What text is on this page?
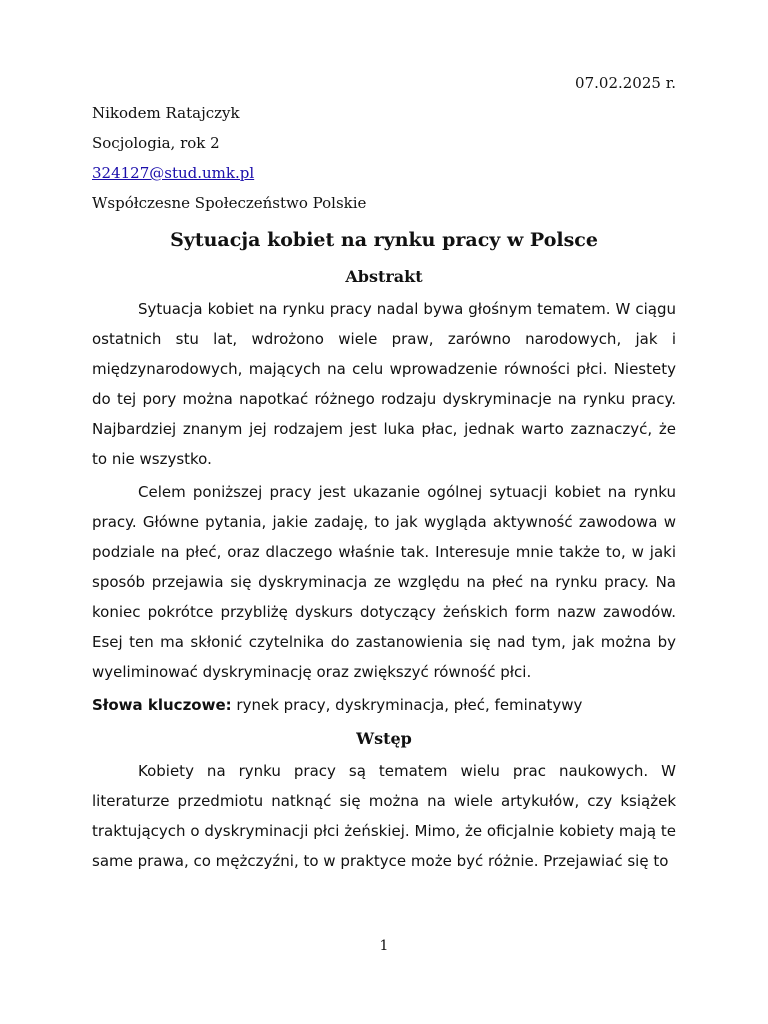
07.02.2025 r.

Nikodem Ratajczyk

Socjologia, rok 2

324127@stud.umk.pl

Współczesne Społeczeństwo Polskie

Sytuacja kobiet na rynku pracy w Polsce
Abstrakt

Sytuacja kobiet na rynku pracy nadal bywa głośnym tematem. W ciągu ostatnich stu lat, wdrożono wiele praw, zarówno narodowych, jak i międzynarodowych, mających na celu wprowadzenie równości płci. Niestety do tej pory można napotkać różnego rodzaju dyskryminacje na rynku pracy. Najbardziej znanym jej rodzajem jest luka płac, jednak warto zaznaczyć, że to nie wszystko.

Celem poniższej pracy jest ukazanie ogólnej sytuacji kobiet na rynku pracy. Główne pytania, jakie zadaję, to jak wygląda aktywność zawodowa w podziale na płeć, oraz dlaczego właśnie tak. Interesuje mnie także to, w jaki sposób przejawia się dyskryminacja ze względu na płeć na rynku pracy. Na koniec pokrótce przybliżę dyskurs dotyczący żeńskich form nazw zawodów. Esej ten ma skłonić czytelnika do zastanowienia się nad tym, jak można by wyeliminować dyskryminację oraz zwiększyć równość płci.

Słowa kluczowe: rynek pracy, dyskryminacja, płeć, feminatywy

Wstęp

Kobiety na rynku pracy są tematem wielu prac naukowych. W literaturze przedmiotu natknąć się można na wiele artykułów, czy książek traktujących o dyskryminacji płci żeńskiej. Mimo, że oficjalnie kobiety mają te same prawa, co mężczyźni, to w praktyce może być różnie. Przejawiać się to

1
